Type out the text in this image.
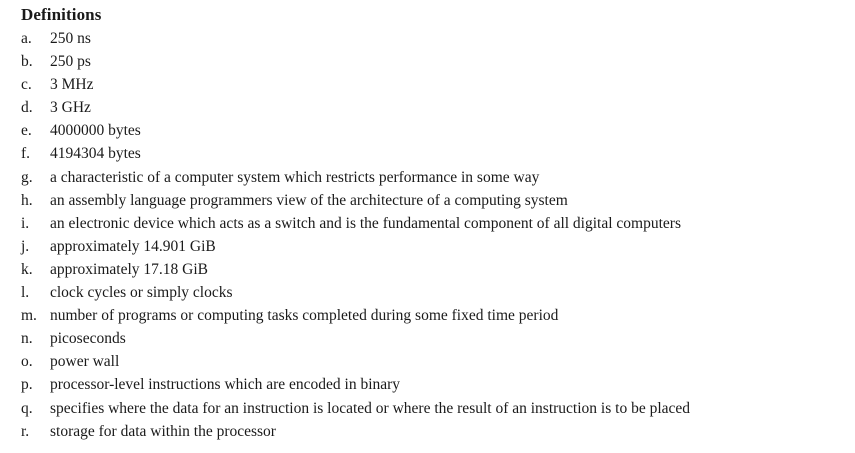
Definitions
a.	250 ns
b.	250 ps
c.	3 MHz
d.	3 GHz
e.	4000000 bytes
f.	4194304 bytes
g.	a characteristic of a computer system which restricts performance in some way
h.	an assembly language programmers view of the architecture of a computing system
i.	an electronic device which acts as a switch and is the fundamental component of all digital computers
j.	approximately 14.901 GiB
k.	approximately 17.18 GiB
l.	clock cycles or simply clocks
m. number of programs or computing tasks completed during some fixed time period
n.	picoseconds
o.	power wall
p.	processor-level instructions which are encoded in binary
q.	specifies where the data for an instruction is located or where the result of an instruction is to be placed
r.	storage for data within the processor
